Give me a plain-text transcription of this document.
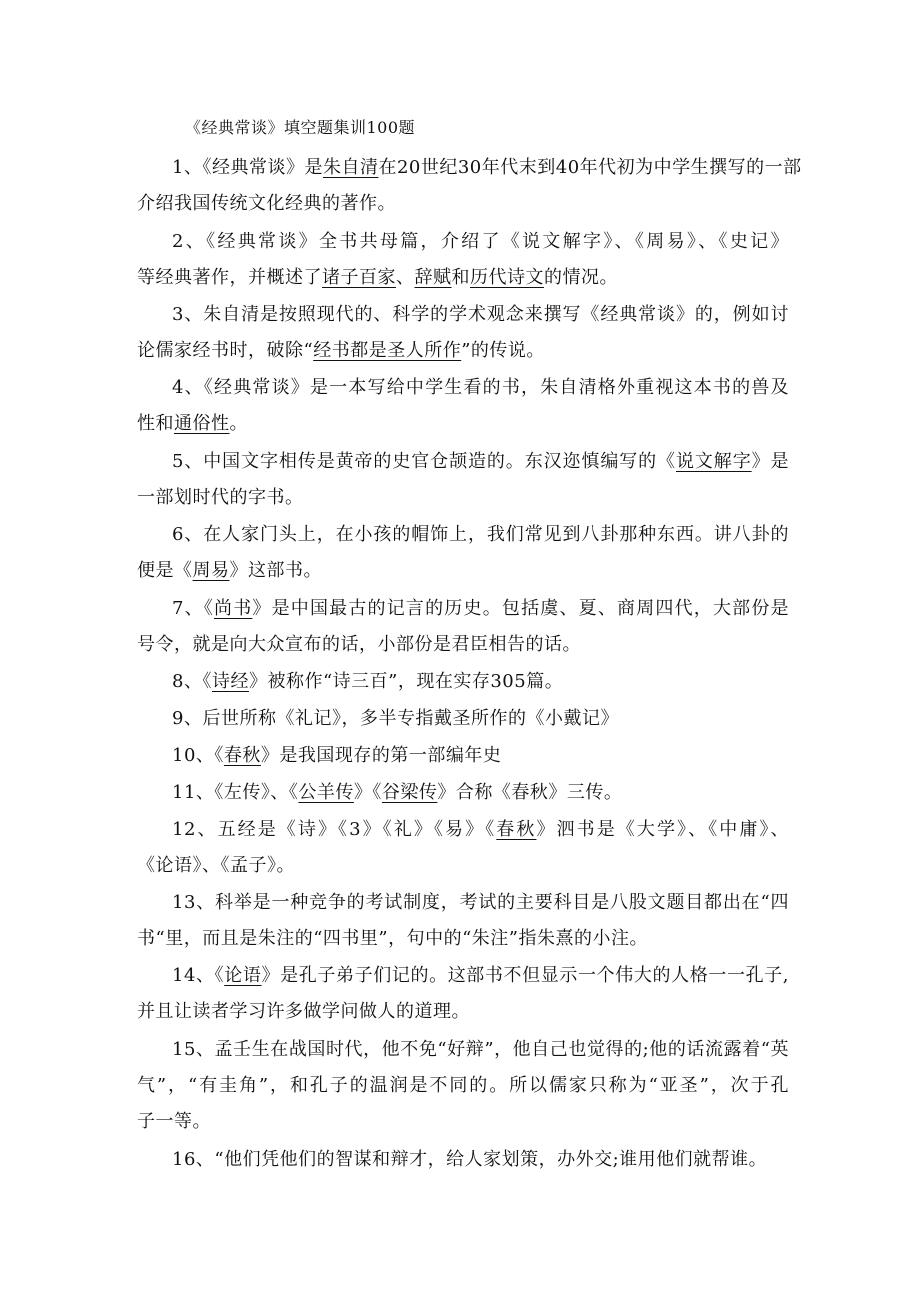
《经典常谈》填空题集训100题
1、《经典常谈》是朱自清在20世纪30年代末到40年代初为中学生撰写的一部
介绍我国传统文化经典的著作。
2、《经典常谈》全书共母篇，介绍了《说文解字》、《周易》、《史记》
等经典著作，并概述了诸子百家、辞赋和历代诗文的情况。
3、朱自清是按照现代的、科学的学术观念来撰写《经典常谈》的，例如讨
论儒家经书时，破除“经书都是圣人所作”的传说。
4、《经典常谈》是一本写给中学生看的书，朱自清格外重视这本书的兽及
性和通俗性。
5、中国文字相传是黄帝的史官仓颉造的。东汉迩慎编写的《说文解字》是
一部划时代的字书。
6、在人家门头上，在小孩的帽饰上，我们常见到八卦那种东西。讲八卦的
便是《周易》这部书。
7、《尚书》是中国最古的记言的历史。包括虞、夏、商周四代，大部份是
号令，就是向大众宣布的话，小部份是君臣相告的话。
8、《诗经》被称作“诗三百”，现在实存305篇。
9、后世所称《礼记》，多半专指戴圣所作的《小戴记》
10、《春秋》是我国现存的第一部编年史
11、《左传》、《公羊传》《谷梁传》合称《春秋》三传。
12、五经是《诗》《3》《礼》《易》《春秋》泗书是《大学》、《中庸》、
《论语》、《孟子》。
13、科举是一种竞争的考试制度，考试的主要科目是八股文题目都出在“四
书“里，而且是朱注的“四书里”，句中的“朱注”指朱熹的小注。
14、《论语》是孔子弟子们记的。这部书不但显示一个伟大的人格一一孔子,
并且让读者学习许多做学问做人的道理。
15、孟壬生在战国时代，他不免“好辩”，他自己也觉得的;他的话流露着“英
气”，“有圭角”，和孔子的温润是不同的。所以儒家只称为“亚圣”，次于孔
子一等。
16、“他们凭他们的智谋和辩才，给人家划策，办外交;谁用他们就帮谁。
